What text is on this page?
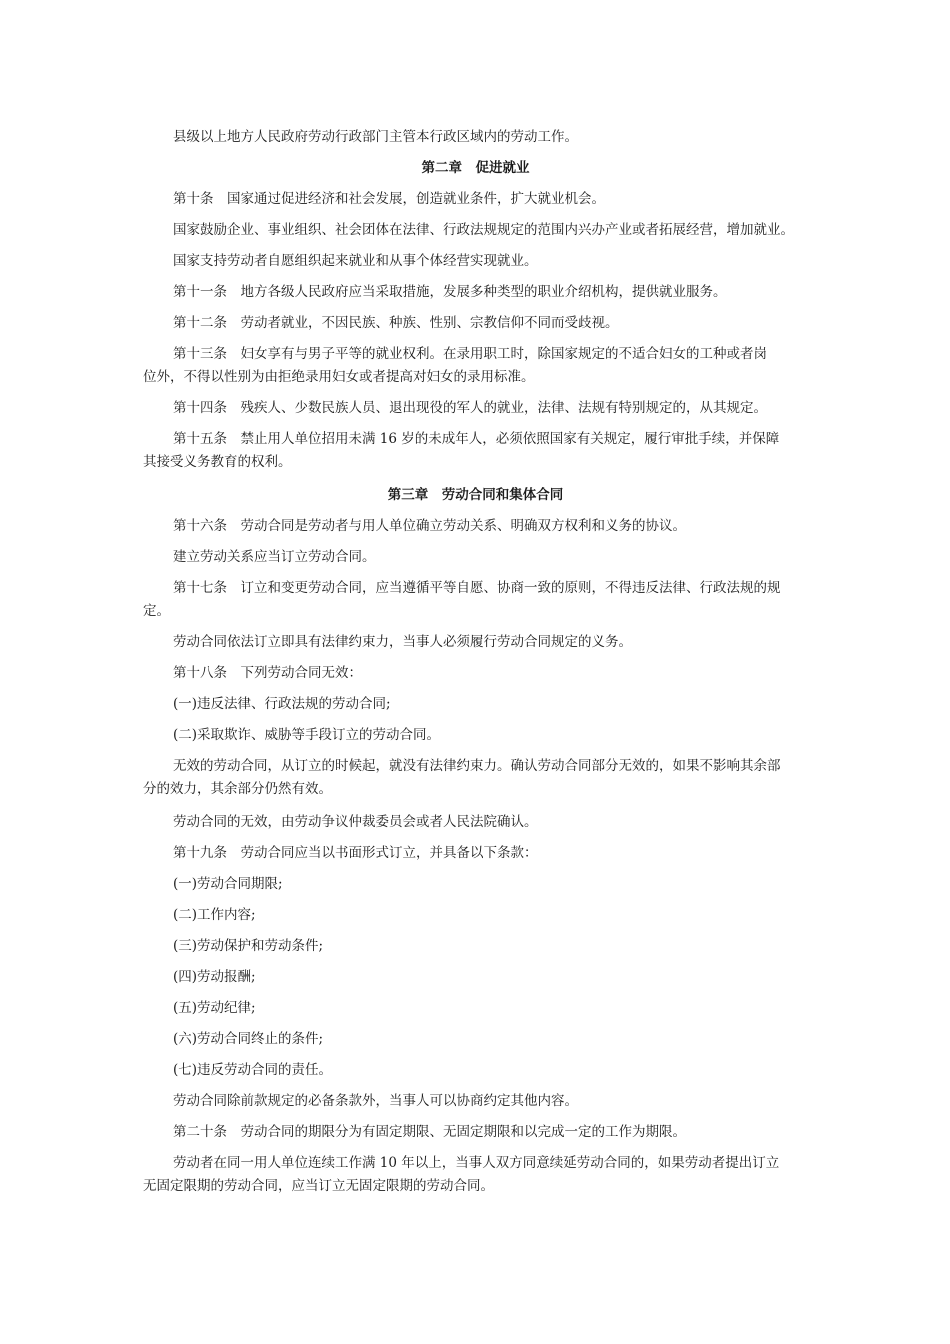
县级以上地方人民政府劳动行政部门主管本行政区域内的劳动工作。
第二章　促进就业
第十条　国家通过促进经济和社会发展，创造就业条件，扩大就业机会。
国家鼓励企业、事业组织、社会团体在法律、行政法规规定的范围内兴办产业或者拓展经营，增加就业。
国家支持劳动者自愿组织起来就业和从事个体经营实现就业。
第十一条　地方各级人民政府应当采取措施，发展多种类型的职业介绍机构，提供就业服务。
第十二条　劳动者就业，不因民族、种族、性别、宗教信仰不同而受歧视。
第十三条　妇女享有与男子平等的就业权利。在录用职工时，除国家规定的不适合妇女的工种或者岗
位外，不得以性别为由拒绝录用妇女或者提高对妇女的录用标准。
第十四条　残疾人、少数民族人员、退出现役的军人的就业，法律、法规有特别规定的，从其规定。
第十五条　禁止用人单位招用未满 16 岁的未成年人，必须依照国家有关规定，履行审批手续，并保障
其接受义务教育的权利。
第三章　劳动合同和集体合同
第十六条　劳动合同是劳动者与用人单位确立劳动关系、明确双方权利和义务的协议。
建立劳动关系应当订立劳动合同。
第十七条　订立和变更劳动合同，应当遵循平等自愿、协商一致的原则，不得违反法律、行政法规的规
定。
劳动合同依法订立即具有法律约束力，当事人必须履行劳动合同规定的义务。
第十八条　下列劳动合同无效：
(一)违反法律、行政法规的劳动合同;
(二)采取欺诈、威胁等手段订立的劳动合同。
无效的劳动合同，从订立的时候起，就没有法律约束力。确认劳动合同部分无效的，如果不影响其余部
分的效力，其余部分仍然有效。
劳动合同的无效，由劳动争议仲裁委员会或者人民法院确认。
第十九条　劳动合同应当以书面形式订立，并具备以下条款：
(一)劳动合同期限;
(二)工作内容;
(三)劳动保护和劳动条件;
(四)劳动报酬;
(五)劳动纪律;
(六)劳动合同终止的条件;
(七)违反劳动合同的责任。
劳动合同除前款规定的必备条款外，当事人可以协商约定其他内容。
第二十条　劳动合同的期限分为有固定期限、无固定期限和以完成一定的工作为期限。
劳动者在同一用人单位连续工作满 10 年以上，当事人双方同意续延劳动合同的，如果劳动者提出订立
无固定限期的劳动合同，应当订立无固定限期的劳动合同。
